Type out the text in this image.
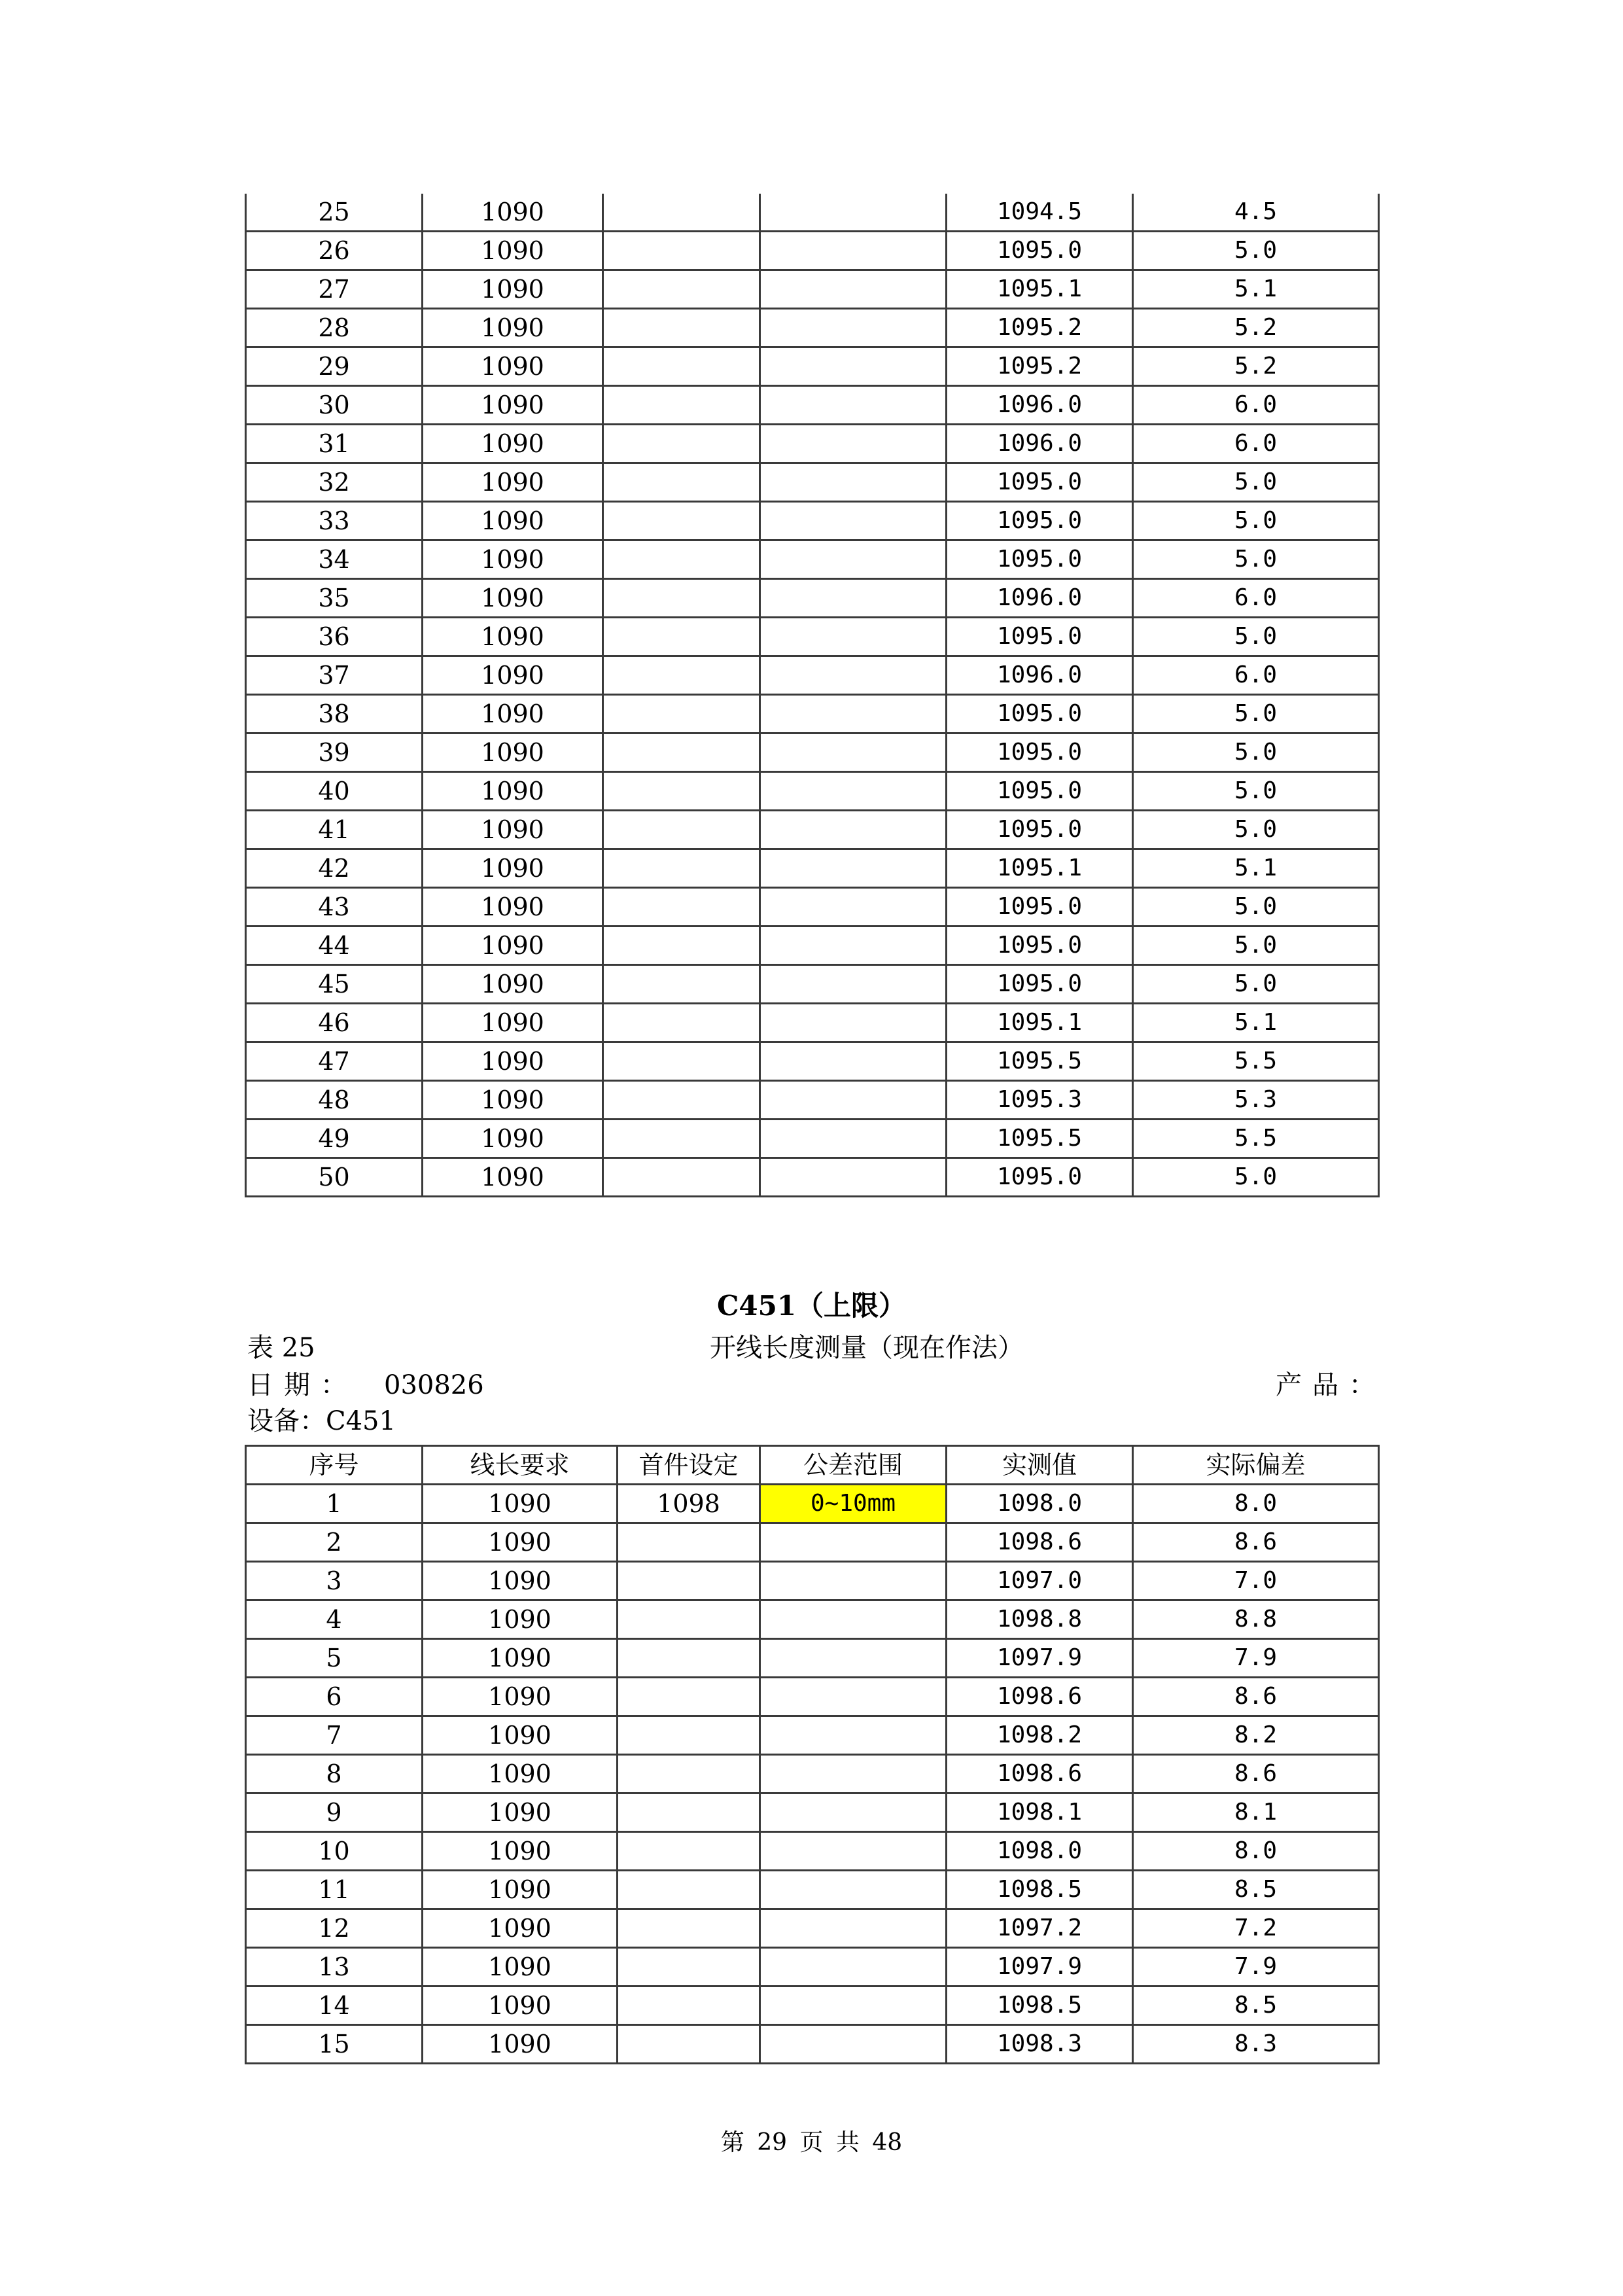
25	1090			1094.5	4.5
26	1090			1095.0	5.0
27	1090			1095.1	5.1
28	1090			1095.2	5.2
29	1090			1095.2	5.2
30	1090			1096.0	6.0
31	1090			1096.0	6.0
32	1090			1095.0	5.0
33	1090			1095.0	5.0
34	1090			1095.0	5.0
35	1090			1096.0	6.0
36	1090			1095.0	5.0
37	1090			1096.0	6.0
38	1090			1095.0	5.0
39	1090			1095.0	5.0
40	1090			1095.0	5.0
41	1090			1095.0	5.0
42	1090			1095.1	5.1
43	1090			1095.0	5.0
44	1090			1095.0	5.0
45	1090			1095.0	5.0
46	1090			1095.1	5.1
47	1090			1095.5	5.5
48	1090			1095.3	5.3
49	1090			1095.5	5.5
50	1090			1095.0	5.0
C451（上限）
表 25	开线长度测量（现在作法）
日期： 030826	产品：
设备：C451
序号	线长要求	首件设定	公差范围	实测值	实际偏差
1	1090	1098	0~10mm	1098.0	8.0
2	1090			1098.6	8.6
3	1090			1097.0	7.0
4	1090			1098.8	8.8
5	1090			1097.9	7.9
6	1090			1098.6	8.6
7	1090			1098.2	8.2
8	1090			1098.6	8.6
9	1090			1098.1	8.1
10	1090			1098.0	8.0
11	1090			1098.5	8.5
12	1090			1097.2	7.2
13	1090			1097.9	7.9
14	1090			1098.5	8.5
15	1090			1098.3	8.3
第 29 页 共 48
